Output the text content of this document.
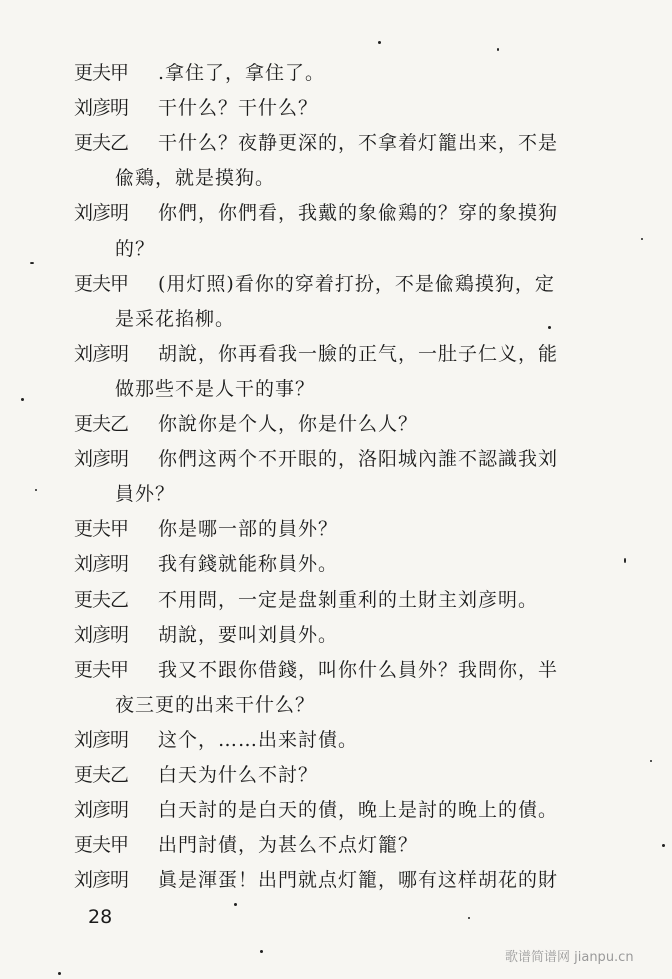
更夫甲	.拿住了，拿住了。
刘彦明	干什么？干什么？
更夫乙	干什么？夜静更深的，不拿着灯籠出来，不是
偸鶏，就是摸狗。
刘彦明	你們，你們看，我戴的象偸鶏的？穿的象摸狗
的？
更夫甲	(用灯照)看你的穿着打扮，不是偸鶏摸狗，定
是采花掐柳。
刘彦明	胡說，你再看我一臉的正气，一肚子仁义，能
做那些不是人干的事？
更夫乙	你說你是个人，你是什么人？
刘彦明	你們这两个不开眼的，洛阳城內誰不認識我刘
員外？
更夫甲	你是哪一部的員外？
刘彦明	我有錢就能称員外。
更夫乙	不用問，一定是盘剝重利的土財主刘彦明。
刘彦明	胡說，要叫刘員外。
更夫甲	我又不跟你借錢，叫你什么員外？我問你，半
夜三更的出来干什么？
刘彦明	这个，……出来討債。
更夫乙	白天为什么不討？
刘彦明	白天討的是白天的債，晚上是討的晚上的債。
更夫甲	出門討債，为甚么不点灯籠？
刘彦明	眞是渾蛋！出門就点灯籠，哪有这样胡花的財
28
歌谱简谱网 jianpu.cn
